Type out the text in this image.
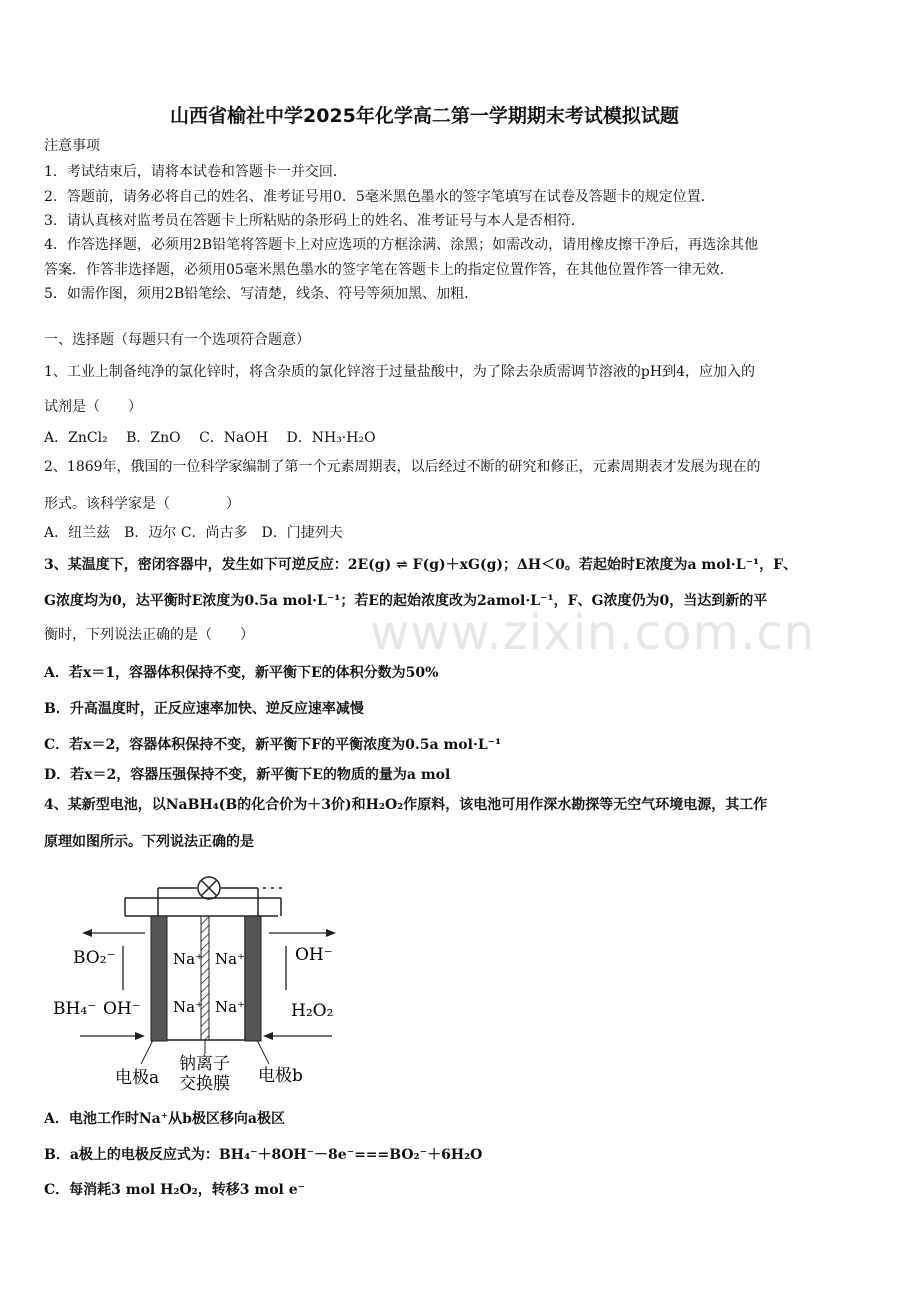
山西省榆社中学2025年化学高二第一学期期末考试模拟试题
注意事项
1．考试结束后，请将本试卷和答题卡一并交回．
2．答题前，请务必将自己的姓名、准考证号用0．5毫米黑色墨水的签字笔填写在试卷及答题卡的规定位置．
3．请认真核对监考员在答题卡上所粘贴的条形码上的姓名、准考证号与本人是否相符．
4．作答选择题，必须用2B铅笔将答题卡上对应选项的方框涂满、涂黑；如需改动，请用橡皮擦干净后，再选涂其他
答案．作答非选择题，必须用05毫米黑色墨水的签字笔在答题卡上的指定位置作答，在其他位置作答一律无效．
5．如需作图，须用2B铅笔绘、写清楚，线条、符号等须加黑、加粗．
一、选择题（每题只有一个选项符合题意）
1、工业上制备纯净的氯化锌时，将含杂质的氯化锌溶于过量盐酸中，为了除去杂质需调节溶液的pH到4，应加入的
试剂是（　　）
A．ZnCl₂　 B．ZnO　 C．NaOH　 D．NH₃·H₂O
2、1869年，俄国的一位科学家编制了第一个元素周期表，以后经过不断的研究和修正，元素周期表才发展为现在的
形式。该科学家是（　　　　）
A．纽兰兹　B．迈尔 C．尚古多　D．门捷列夫
3、某温度下，密闭容器中，发生如下可逆反应：2E(g) ⇌ F(g)＋xG(g)；ΔH＜0。若起始时E浓度为a mol·L⁻¹，F、
G浓度均为0，达平衡时E浓度为0.5a mol·L⁻¹；若E的起始浓度改为2amol·L⁻¹，F、G浓度仍为0，当达到新的平
衡时，下列说法正确的是（　　）
A．若x＝1，容器体积保持不变，新平衡下E的体积分数为50%
B．升高温度时，正反应速率加快、逆反应速率减慢
C．若x＝2，容器体积保持不变，新平衡下F的平衡浓度为0.5a mol·L⁻¹
D．若x＝2，容器压强保持不变，新平衡下E的物质的量为a mol
4、某新型电池，以NaBH₄(B的化合价为＋3价)和H₂O₂作原料，该电池可用作深水勘探等无空气环境电源，其工作
原理如图所示。下列说法正确的是
www.zixin.com.cn
Na⁺
Na⁺
Na⁺
Na⁺
BO₂⁻
BH₄⁻ OH⁻
OH⁻
H₂O₂
电极a
钠离子
交换膜 电极b
A．电池工作时Na⁺从b极区移向a极区
B．a极上的电极反应式为：BH₄⁻＋8OH⁻－8e⁻===BO₂⁻＋6H₂O
C．每消耗3 mol H₂O₂，转移3 mol e⁻
